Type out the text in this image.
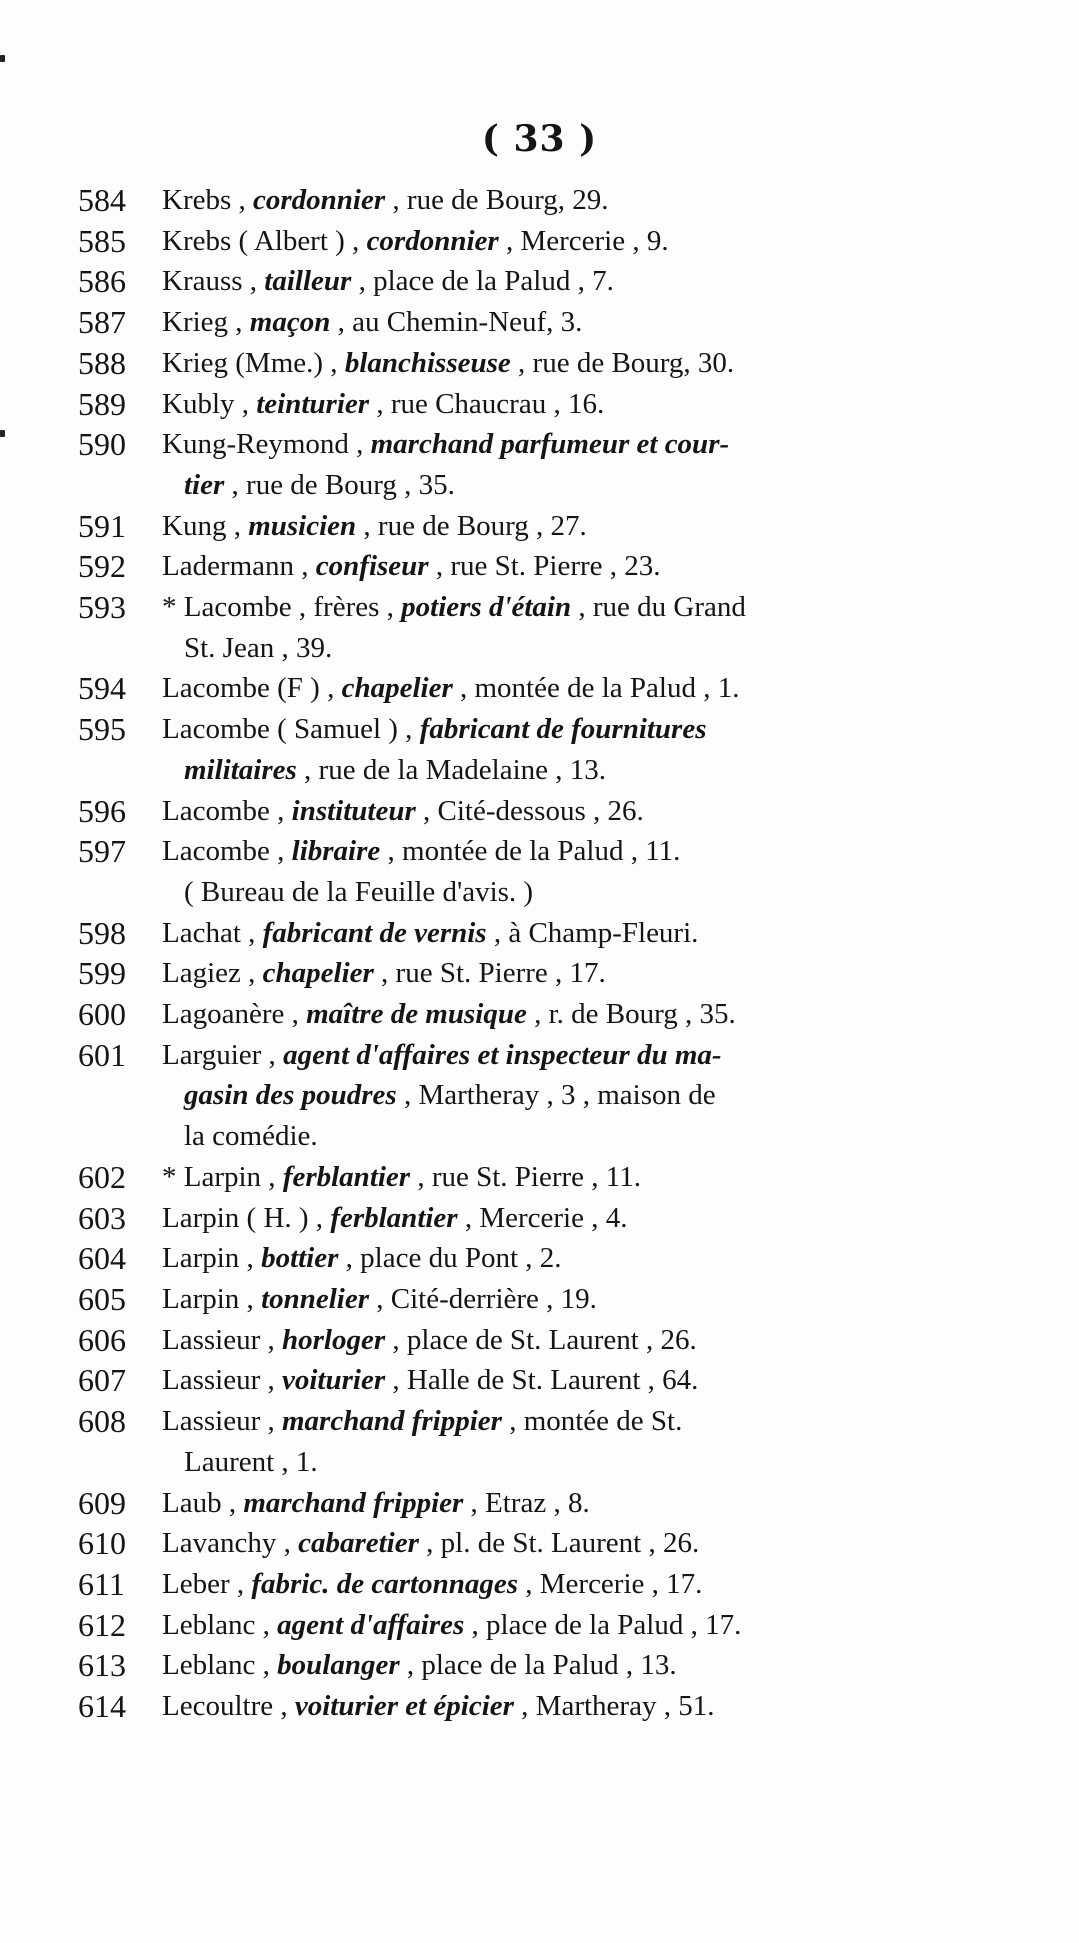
( 33 )
584	Krebs , cordonnier , rue de Bourg, 29.
585	Krebs ( Albert ) , cordonnier , Mercerie , 9.
586	Krauss , tailleur , place de la Palud , 7.
587	Krieg , maçon , au Chemin-Neuf, 3.
588	Krieg (Mme.) , blanchisseuse , rue de Bourg, 30.
589	Kubly , teinturier , rue Chaucrau , 16.
590	Kung-Reymond , marchand parfumeur et cour-
tier , rue de Bourg , 35.
591	Kung , musicien , rue de Bourg , 27.
592	Ladermann , confiseur , rue St. Pierre , 23.
593	* Lacombe , frères , potiers d'étain , rue du Grand
St. Jean , 39.
594	Lacombe (F ) , chapelier , montée de la Palud , 1.
595	Lacombe ( Samuel ) , fabricant de fournitures
militaires , rue de la Madelaine , 13.
596	Lacombe , instituteur , Cité-dessous , 26.
597	Lacombe , libraire , montée de la Palud , 11.
( Bureau de la Feuille d'avis. )
598	Lachat , fabricant de vernis , à Champ-Fleuri.
599	Lagiez , chapelier , rue St. Pierre , 17.
600	Lagoanère , maître de musique , r. de Bourg , 35.
601	Larguier , agent d'affaires et inspecteur du ma-
gasin des poudres , Martheray , 3 , maison de
la comédie.
602	* Larpin , ferblantier , rue St. Pierre , 11.
603	Larpin ( H. ) , ferblantier , Mercerie , 4.
604	Larpin , bottier , place du Pont , 2.
605	Larpin , tonnelier , Cité-derrière , 19.
606	Lassieur , horloger , place de St. Laurent , 26.
607	Lassieur , voiturier , Halle de St. Laurent , 64.
608	Lassieur , marchand frippier , montée de St.
Laurent , 1.
609	Laub , marchand frippier , Etraz , 8.
610	Lavanchy , cabaretier , pl. de St. Laurent , 26.
611	Leber , fabric. de cartonnages , Mercerie , 17.
612	Leblanc , agent d'affaires , place de la Palud , 17.
613	Leblanc , boulanger , place de la Palud , 13.
614	Lecoultre , voiturier et épicier , Martheray , 51.
